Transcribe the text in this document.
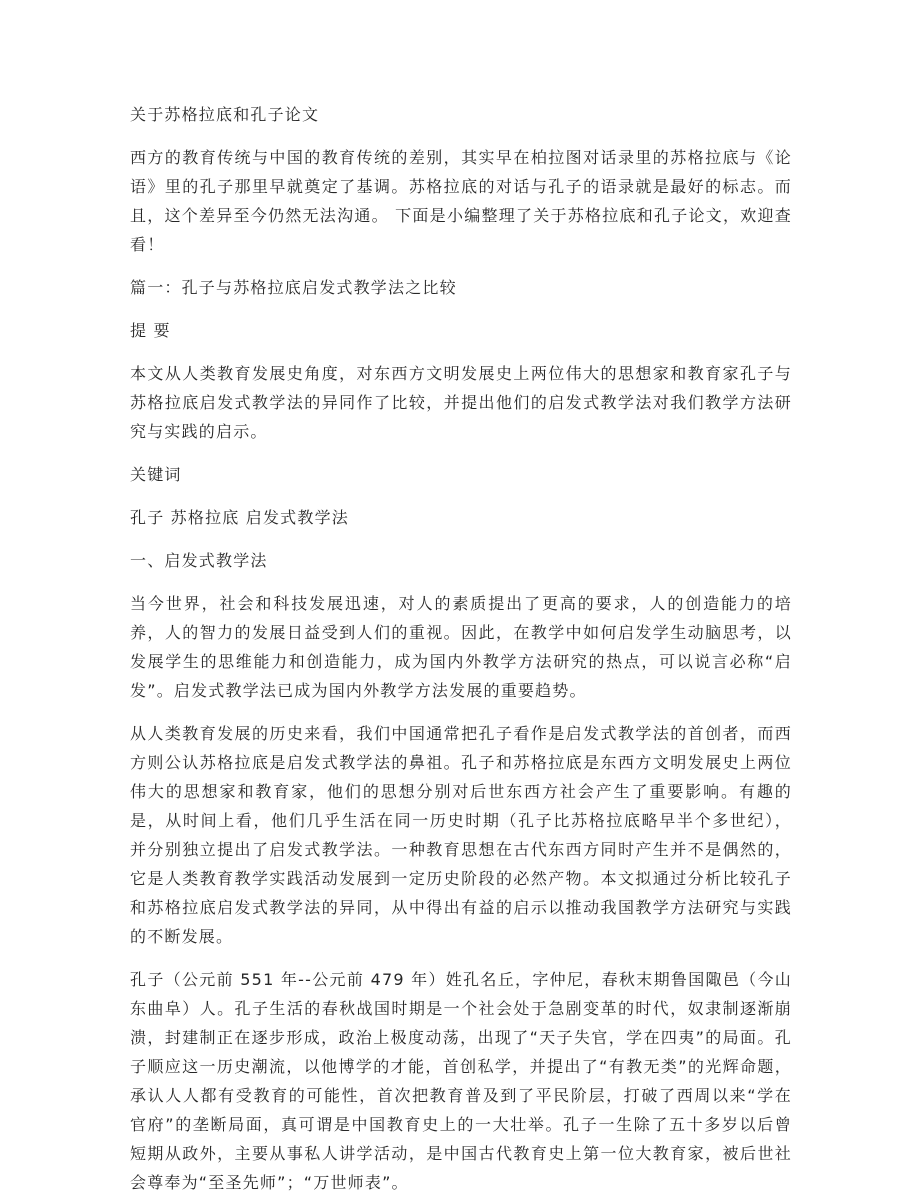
关于苏格拉底和孔子论文

西方的教育传统与中国的教育传统的差别，其实早在柏拉图对话录里的苏格拉底与《论语》里的孔子那里早就奠定了基调。苏格拉底的对话与孔子的语录就是最好的标志。而且，这个差异至今仍然无法沟通。 下面是小编整理了关于苏格拉底和孔子论文，欢迎查看！

篇一：孔子与苏格拉底启发式教学法之比较

提 要

本文从人类教育发展史角度，对东西方文明发展史上两位伟大的思想家和教育家孔子与苏格拉底启发式教学法的异同作了比较，并提出他们的启发式教学法对我们教学方法研究与实践的启示。

关键词

孔子 苏格拉底 启发式教学法

一、启发式教学法

当今世界，社会和科技发展迅速，对人的素质提出了更高的要求，人的创造能力的培养，人的智力的发展日益受到人们的重视。因此，在教学中如何启发学生动脑思考，以发展学生的思维能力和创造能力，成为国内外教学方法研究的热点，可以说言必称“启发”。启发式教学法已成为国内外教学方法发展的重要趋势。

从人类教育发展的历史来看，我们中国通常把孔子看作是启发式教学法的首创者，而西方则公认苏格拉底是启发式教学法的鼻祖。孔子和苏格拉底是东西方文明发展史上两位伟大的思想家和教育家，他们的思想分别对后世东西方社会产生了重要影响。有趣的是，从时间上看，他们几乎生活在同一历史时期（孔子比苏格拉底略早半个多世纪），并分别独立提出了启发式教学法。一种教育思想在古代东西方同时产生并不是偶然的，它是人类教育教学实践活动发展到一定历史阶段的必然产物。本文拟通过分析比较孔子和苏格拉底启发式教学法的异同，从中得出有益的启示以推动我国教学方法研究与实践的不断发展。

孔子（公元前 551 年--公元前 479 年）姓孔名丘，字仲尼，春秋末期鲁国陬邑（今山东曲阜）人。孔子生活的春秋战国时期是一个社会处于急剧变革的时代，奴隶制逐渐崩溃，封建制正在逐步形成，政治上极度动荡，出现了“天子失官，学在四夷”的局面。孔子顺应这一历史潮流，以他博学的才能，首创私学，并提出了“有教无类”的光辉命题，承认人人都有受教育的可能性，首次把教育普及到了平民阶层，打破了西周以来“学在官府”的垄断局面，真可谓是中国教育史上的一大壮举。孔子一生除了五十多岁以后曾短期从政外，主要从事私人讲学活动，是中国古代教育史上第一位大教育家，被后世社会尊奉为“至圣先师”；“万世师表”。
